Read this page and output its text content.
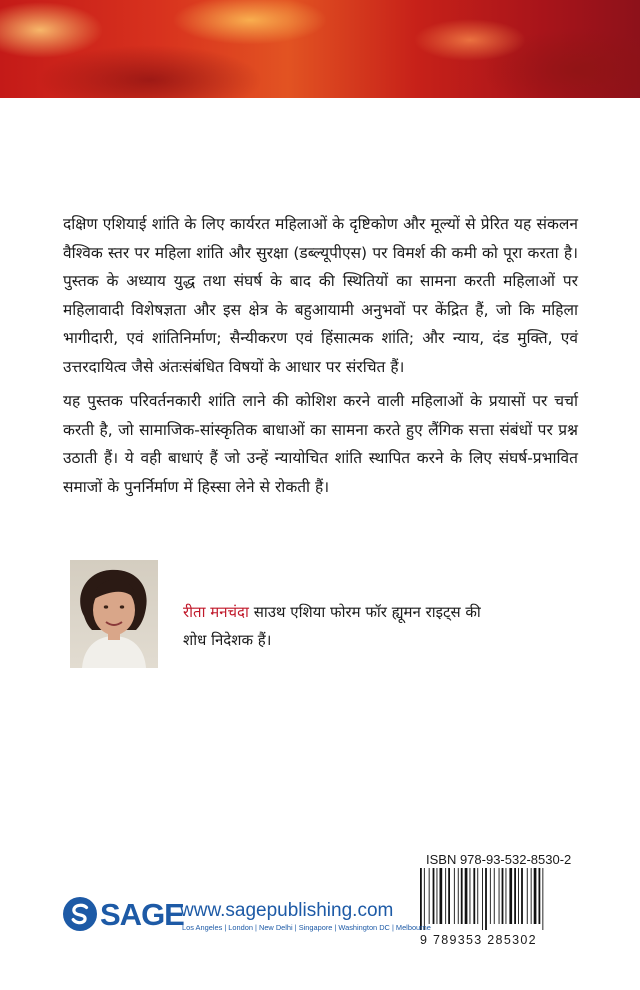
दक्षिण एशियाई शांति के लिए कार्यरत महिलाओं के दृष्टिकोण और मूल्यों से प्रेरित यह संकलन वैश्विक स्तर पर महिला शांति और सुरक्षा (डब्ल्यूपीएस) पर विमर्श की कमी को पूरा करता है। पुस्तक के अध्याय युद्ध तथा संघर्ष के बाद की स्थितियों का सामना करती महिलाओं पर महिलावादी विशेषज्ञता और इस क्षेत्र के बहुआयामी अनुभवों पर केंद्रित हैं, जो कि महिला भागीदारी, एवं शांतिनिर्माण; सैन्यीकरण एवं हिंसात्मक शांति; और न्याय, दंड मुक्ति, एवं उत्तरदायित्व जैसे अंतःसंबंधित विषयों के आधार पर संरचित हैं।

यह पुस्तक परिवर्तनकारी शांति लाने की कोशिश करने वाली महिलाओं के प्रयासों पर चर्चा करती है, जो सामाजिक-सांस्कृतिक बाधाओं का सामना करते हुए लैंगिक सत्ता संबंधों पर प्रश्न उठाती हैं। ये वही बाधाएं हैं जो उन्हें न्यायोचित शांति स्थापित करने के लिए संघर्ष-प्रभावित समाजों के पुनर्निर्माण में हिस्सा लेने से रोकती हैं।

रीता मनचंदा साउथ एशिया फोरम फॉर ह्यूमन राइट्स की शोध निदेशक हैं।

ISBN 978-93-532-8530-2
9 789353 285302
SAGE
www.sagepublishing.com
Los Angeles | London | New Delhi | Singapore | Washington DC | Melbourne
